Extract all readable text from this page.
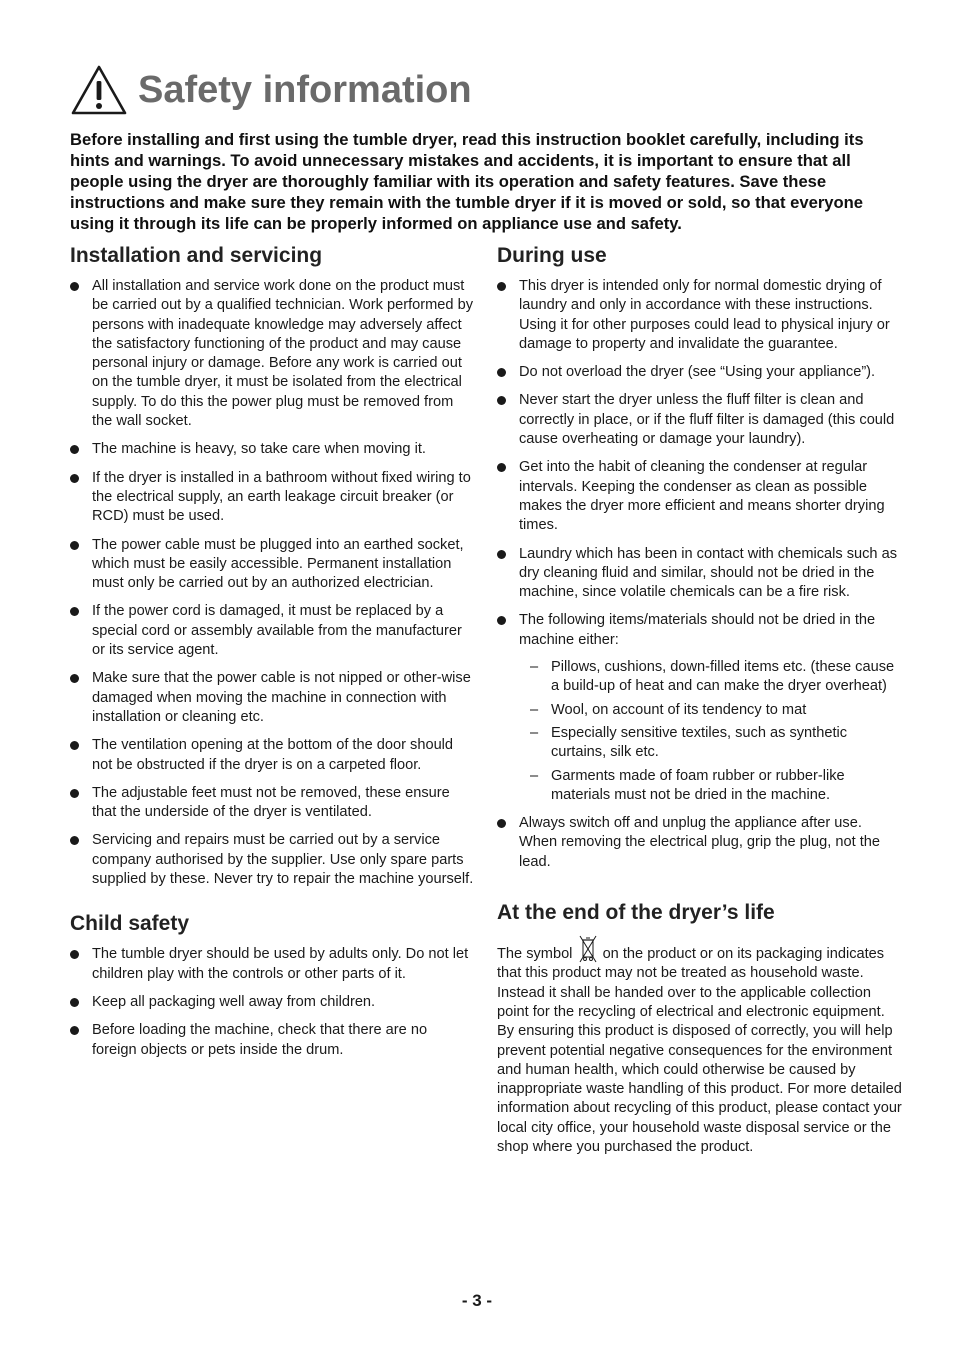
Safety information
Before installing and first using the tumble dryer, read this instruction booklet carefully, including its hints and warnings. To avoid unnecessary mistakes and accidents, it is important to ensure that all people using the dryer are thoroughly familiar with its operation and safety features. Save these instructions and make sure they remain with the tumble dryer if it is moved or sold, so that everyone using it through its life can be properly informed on appliance use and safety.
Installation and servicing
All installation and service work done on the product must be carried out by a qualified technician. Work performed by persons with inadequate knowledge may adversely affect the satisfactory functioning of the product and may cause personal injury or damage. Before any work is carried out on the tumble dryer, it must be isolated from the electrical supply. To do this the power plug must be removed from the wall socket.
The machine is heavy, so take care when moving it.
If the dryer is installed in a bathroom without fixed wiring to the electrical supply, an earth leakage circuit breaker (or RCD) must be used.
The power cable must be plugged into an earthed socket, which must be easily accessible. Permanent installation must only be carried out by an authorized electrician.
If the power cord is damaged, it must be replaced by a special cord or assembly available from the manufacturer or its service agent.
Make sure that the power cable is not nipped or other-wise damaged when moving the machine in connection with installation or cleaning etc.
The ventilation opening at the bottom of the door should not be obstructed if the dryer is on a carpeted floor.
The adjustable feet must not be removed, these ensure that the underside of the dryer is ventilated.
Servicing and repairs must be carried out by a service company authorised by the supplier. Use only spare parts supplied by these. Never try to repair the machine yourself.
Child safety
The tumble dryer should be used by adults only. Do not let children play with the controls or other parts of it.
Keep all packaging well away from children.
Before loading the machine, check that there are no foreign objects or pets inside the drum.
During use
This dryer is intended only for normal domestic drying of laundry and only in accordance with these instructions. Using it for other purposes could lead to physical injury or damage to property and invalidate the guarantee.
Do not overload the dryer (see “Using your appliance”).
Never start the dryer unless the fluff filter is clean and correctly in place, or if the fluff filter is damaged (this could cause overheating or damage your laundry).
Get into the habit of cleaning the condenser at regular intervals. Keeping the condenser as clean as possible makes the dryer more efficient and means shorter drying times.
Laundry which has been in contact with chemicals such as dry cleaning fluid and similar, should not be dried in the machine, since volatile chemicals can be a fire risk.
The following items/materials should not be dried in the machine either:
– Pillows, cushions, down-filled items etc. (these cause a build-up of heat and can make the dryer overheat)
– Wool, on account of its tendency to mat
– Especially sensitive textiles, such as synthetic curtains, silk etc.
– Garments made of foam rubber or rubber-like materials must not be dried in the machine.
Always switch off and unplug the appliance after use. When removing the electrical plug, grip the plug, not the lead.
At the end of the dryer’s life
The symbol on the product or on its packaging indicates that this product may not be treated as household waste. Instead it shall be handed over to the applicable collection point for the recycling of electrical and electronic equipment. By ensuring this product is disposed of correctly, you will help prevent potential negative consequences for the environment and human health, which could otherwise be caused by inappropriate waste handling of this product. For more detailed information about recycling of this product, please contact your local city office, your household waste disposal service or the shop where you purchased the product.
- 3 -
